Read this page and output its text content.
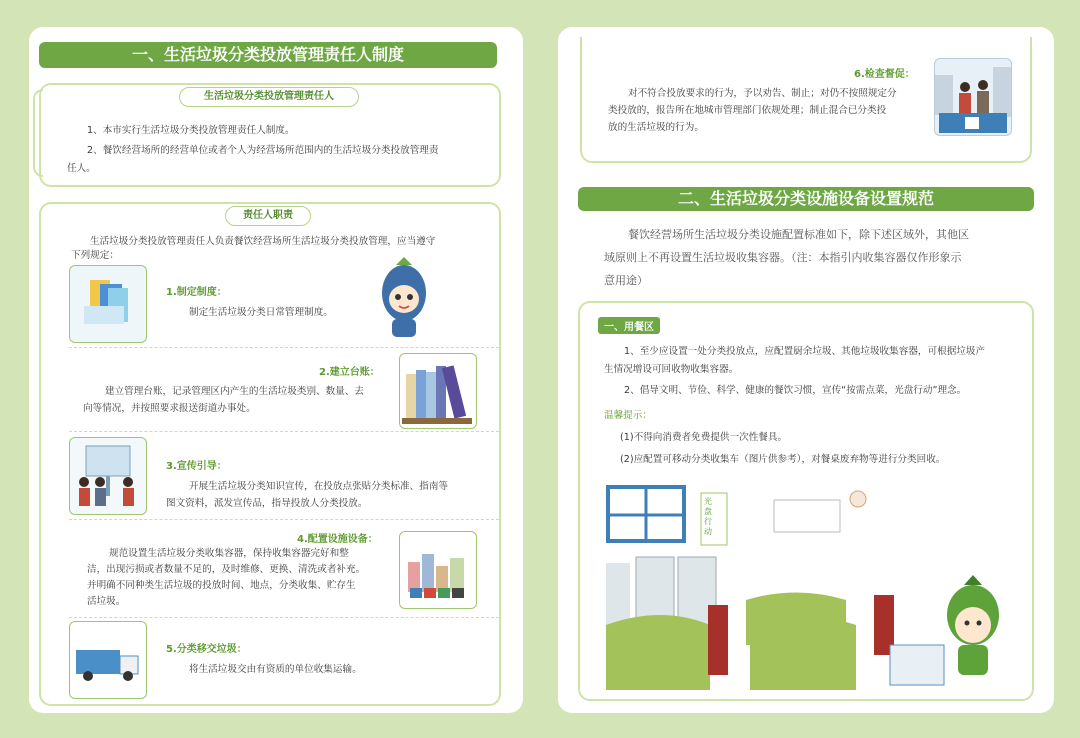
一、生活垃圾分类投放管理责任人制度
生活垃圾分类投放管理责任人
1、本市实行生活垃圾分类投放管理责任人制度。
2、餐饮经营场所的经营单位或者个人为经营场所范围内的生活垃圾分类投放管理责
任人。
责任人职责
生活垃圾分类投放管理责任人负责餐饮经营场所生活垃圾分类投放管理，应当遵守
下列规定：
1.制定制度：
制定生活垃圾分类日常管理制度。
2.建立台账：
建立管理台账，记录管理区内产生的生活垃圾类别、数量、去
向等情况，并按照要求报送街道办事处。
3.宣传引导：
开展生活垃圾分类知识宣传，在投放点张贴分类标准、指南等
图文资料，派发宣传品，指导投放人分类投放。
4.配置设施设备：
规范设置生活垃圾分类收集容器，保持收集容器完好和整
洁，出现污损或者数量不足的，及时维修、更换、清洗或者补充。
并明确不同种类生活垃圾的投放时间、地点，分类收集、贮存生
活垃圾。
5.分类移交垃圾：
将生活垃圾交由有资质的单位收集运输。
6.检查督促：
对不符合投放要求的行为，予以劝告、制止；对仍不按照规定分
类投放的，报告所在地城市管理部门依规处理；制止混合已分类投
放的生活垃圾的行为。
二、生活垃圾分类设施设备设置规范
餐饮经营场所生活垃圾分类设施配置标准如下，除下述区域外，其他区
域原则上不再设置生活垃圾收集容器。（注：本指引内收集容器仅作形象示
意用途）
一、用餐区
1、至少应设置一处分类投放点，应配置厨余垃圾、其他垃圾收集容器，可根据垃圾产
生情况增设可回收物收集容器。
2、倡导文明、节俭、科学、健康的餐饮习惯，宣传“按需点菜，光盘行动”理念。
温馨提示：
(1)不得向消费者免费提供一次性餐具。
(2)应配置可移动分类收集车（图片供参考），对餐桌废弃物等进行分类回收。
光盘行动
